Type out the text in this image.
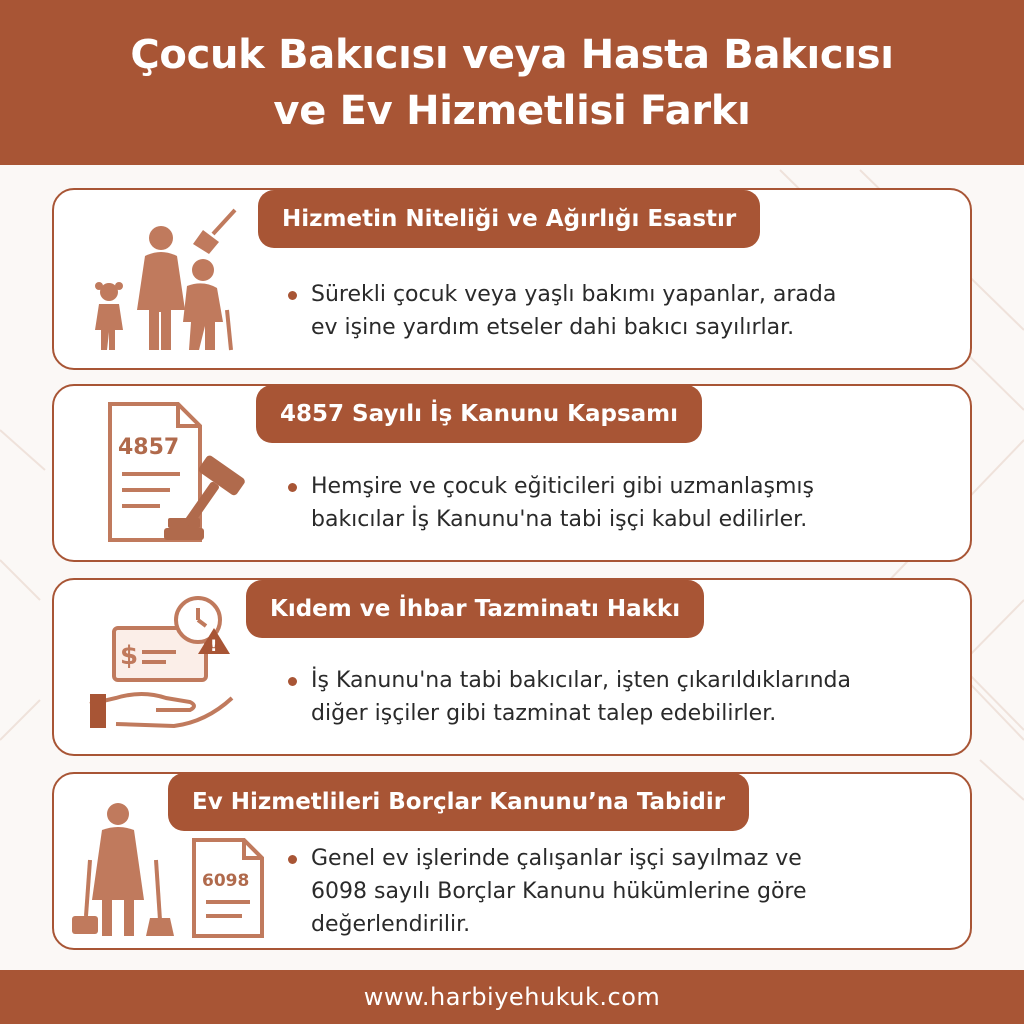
Çocuk Bakıcısı veya Hasta Bakıcısı
ve Ev Hizmetlisi Farkı
Hizmetin Niteliği ve Ağırlığı Esastır
Sürekli çocuk veya yaşlı bakımı yapanlar, arada
ev işine yardım etseler dahi bakıcı sayılırlar.
4857 Sayılı İş Kanunu Kapsamı
Hemşire ve çocuk eğiticileri gibi uzmanlaşmış
bakıcılar İş Kanunu'na tabi işçi kabul edilirler.
4857
Kıdem ve İhbar Tazminatı Hakkı
İş Kanunu'na tabi bakıcılar, işten çıkarıldıklarında
diğer işçiler gibi tazminat talep edebilirler.
$	!
Ev Hizmetlileri Borçlar Kanunu’na Tabidir
Genel ev işlerinde çalışanlar işçi sayılmaz ve
6098 sayılı Borçlar Kanunu hükümlerine göre
değerlendirilir.
6098
www.harbiyehukuk.com
